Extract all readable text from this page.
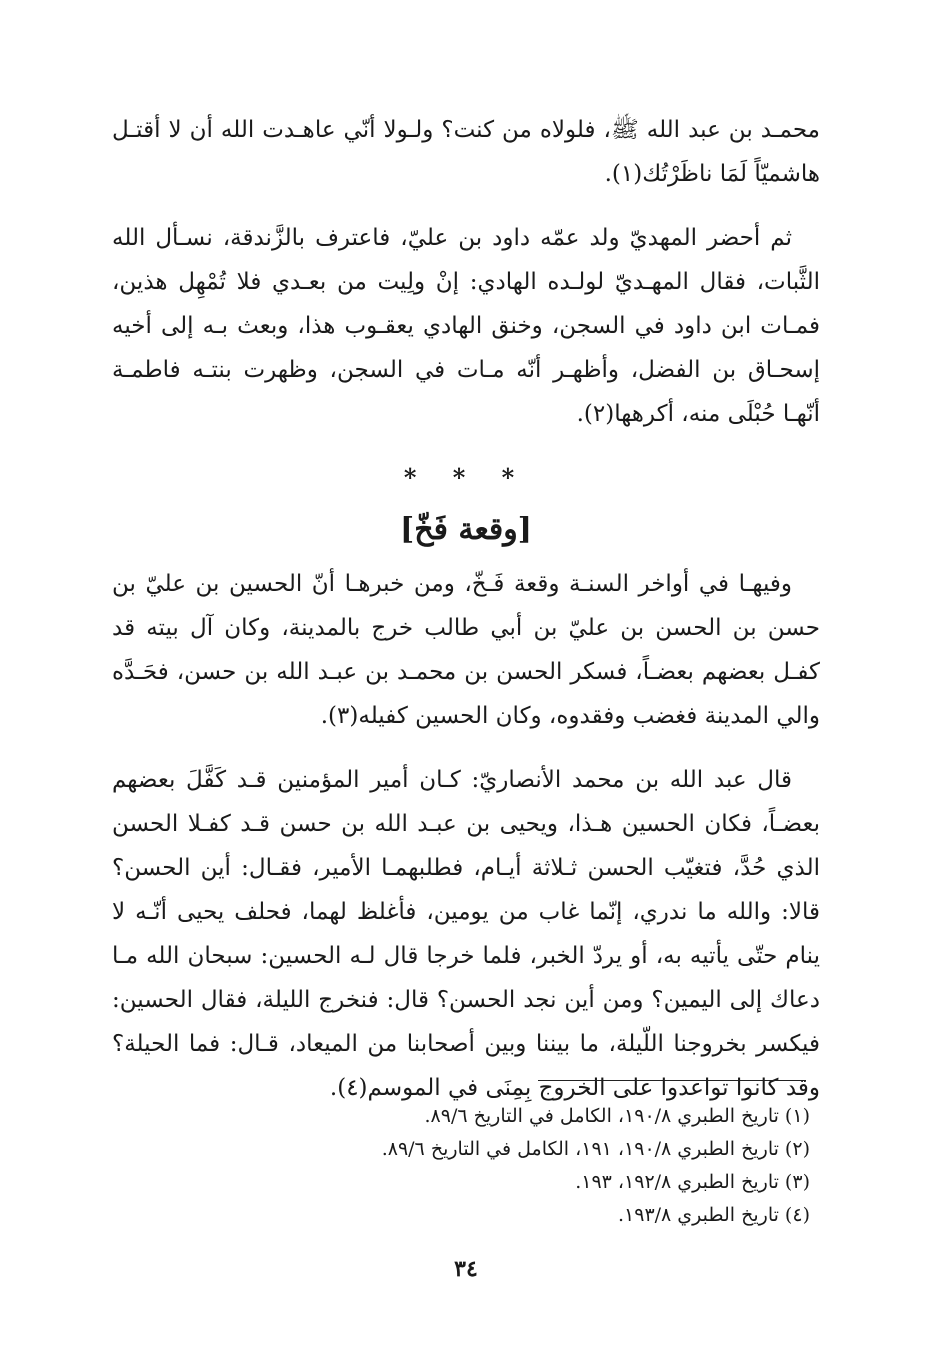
محمـد بن عبد الله ﷺ، فلولاه من كنت؟ ولـولا أنّي عاهـدت الله أن لا أقتـل هاشميّاً لَمَا ناظَرْتُك(١).

ثم أحضر المهديّ ولد عمّه داود بن عليّ، فاعترف بالزَّندقة، نسـأل الله الثَّبات، فقال المهـديّ لولـده الهادي: إنْ ولِيت من بعـدي فلا تُمْهِل هذين، فمـات ابن داود في السجن، وخنق الهادي يعقـوب هذا، وبعث بـه إلى أخيه إسحـاق بن الفضل، وأظهـر أنّه مـات في السجن، وظهرت بنتـه فاطمـة أنّهـا حُبْلَى منه، أكرهها(٢).

* * *
[وقعة فَخّ]

وفيهـا في أواخر السنـة وقعة فَـخّ، ومن خبرهـا أنّ الحسين بن عليّ بن حسن بن الحسن بن عليّ بن أبي طالب خرج بالمدينة، وكان آل بيته قد كفـل بعضهم بعضـاً، فسكر الحسن بن محمـد بن عبـد الله بن حسن، فحَـدَّه والي المدينة فغضب وفقدوه، وكان الحسين كفيله(٣).

قال عبد الله بن محمد الأنصاريّ: كـان أمير المؤمنين قـد كَفَّلَ بعضهم بعضـاً، فكان الحسين هـذا، ويحيى بن عبـد الله بن حسن قـد كفـلا الحسن الذي حُدَّ، فتغيّب الحسن ثـلاثة أيـام، فطلبهمـا الأمير، فقـال: أين الحسن؟ قالا: والله ما ندري، إنّما غاب من يومين، فأغلظ لهما، فحلف يحيى أنّـه لا ينام حتّى يأتيه به، أو يردّ الخبر، فلما خرجا قال لـه الحسين: سبحان الله مـا دعاك إلى اليمين؟ ومن أين نجد الحسن؟ قال: فنخرج الليلة، فقال الحسين: فيكسر بخروجنا اللّيلة، ما بيننا وبين أصحابنا من الميعاد، قـال: فما الحيلة؟ وقد كانوا تواعدوا على الخروج بِمِنَى في الموسم(٤).

(١) تاريخ الطبري ١٩٠/٨، الكامل في التاريخ ٨٩/٦.

(٢) تاريخ الطبري ١٩٠/٨، ١٩١، الكامل في التاريخ ٨٩/٦.

(٣) تاريخ الطبري ١٩٢/٨، ١٩٣.

(٤) تاريخ الطبري ١٩٣/٨.

٣٤
